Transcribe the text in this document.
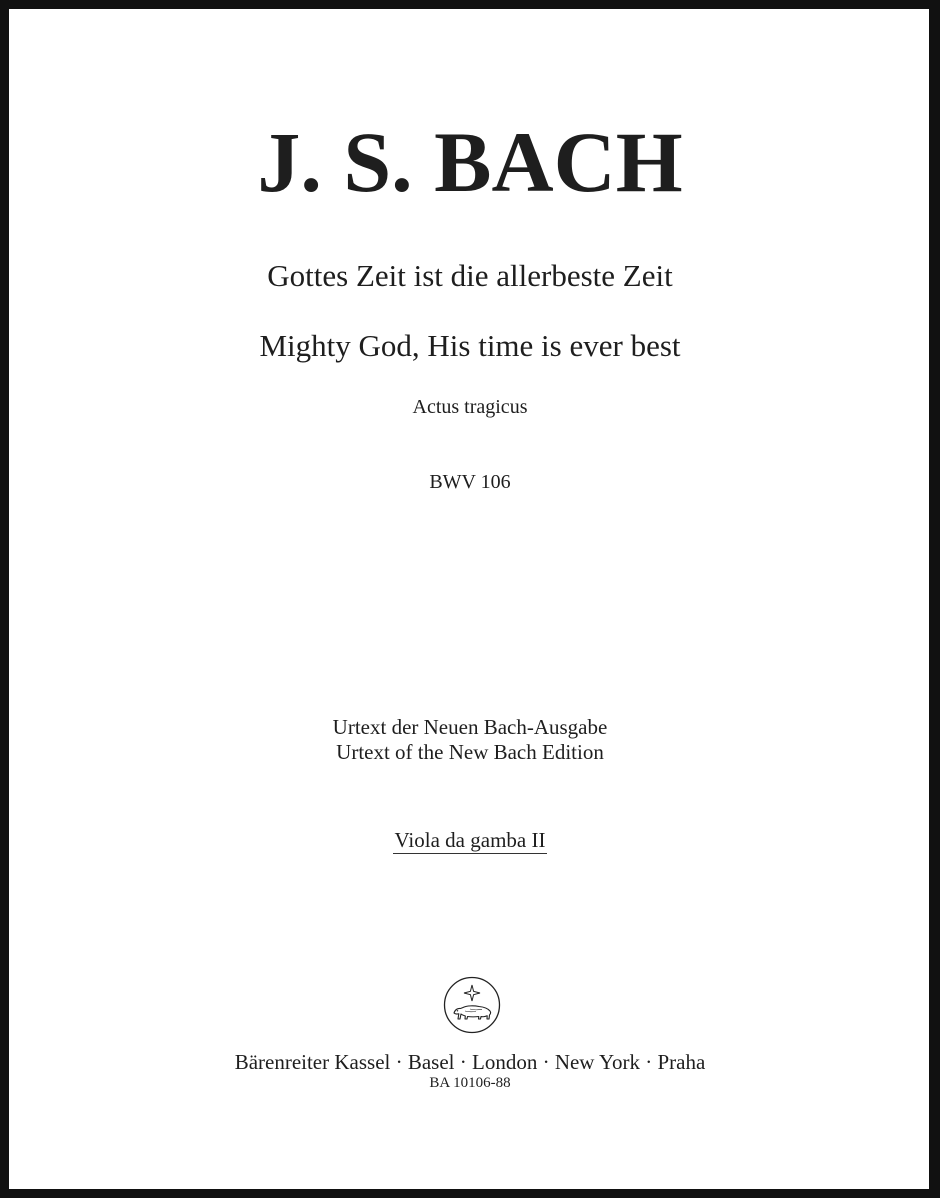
J. S. BACH
Gottes Zeit ist die allerbeste Zeit
Mighty God, His time is ever best
Actus tragicus
BWV 106
Urtext der Neuen Bach-Ausgabe
Urtext of the New Bach Edition
Viola da gamba II
Bärenreiter Kassel · Basel · London · New York · Praha
BA 10106-88
